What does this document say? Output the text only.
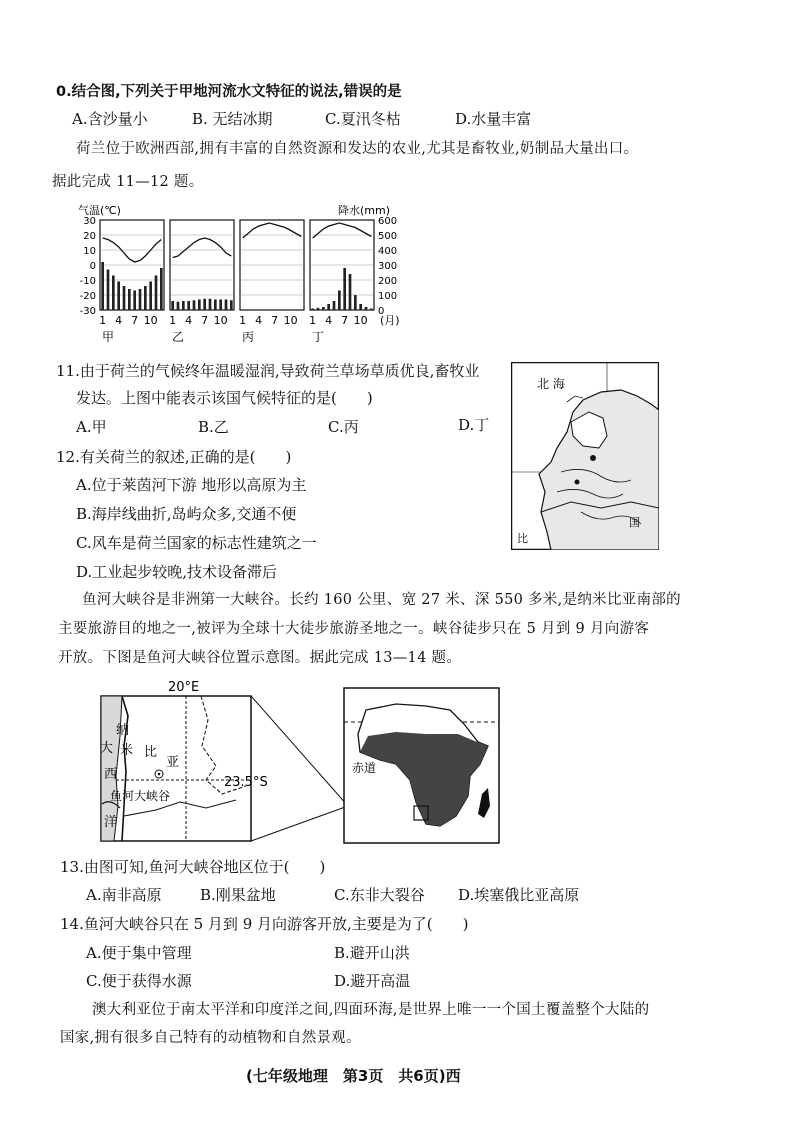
0.结合图,下列关于甲地河流水文特征的说法,错误的是
A.含沙量小	B. 无结冰期	C.夏汛冬枯	D.水量丰富
荷兰位于欧洲西部,拥有丰富的自然资源和发达的农业,尤其是畜牧业,奶制品大量出口。
据此完成 11—12 题。
气温(℃)	降水(mm)
30
20
10
0
-10
-20
-30
600
500
400
300
200
100
0
1 4 7 10 1 4 7 10 1 4 7 10 1 4 7 10 (月)
甲	乙	丙	丁
11.由于荷兰的气候终年温暖湿润,导致荷兰草场草质优良,畜牧业
发达。上图中能表示该国气候特征的是(　　)
A.甲	B.乙	C.丙	D.丁
北 海
比
国
12.有关荷兰的叙述,正确的是(　　)
A.位于莱茵河下游 地形以高原为主
B.海岸线曲折,岛屿众多,交通不便
C.风车是荷兰国家的标志性建筑之一
D.工业起步较晚,技术设备滞后
鱼河大峡谷是非洲第一大峡谷。长约 160 公里、宽 27 米、深 550 多米,是纳米比亚南部的
主要旅游目的地之一,被评为全球十大徒步旅游圣地之一。峡谷徒步只在 5 月到 9 月向游客
开放。下图是鱼河大峡谷位置示意图。据此完成 13—14 题。
20°E
纳
米 比
亚
大
西
洋
鱼河大峡谷
23.5°S
赤道
13.由图可知,鱼河大峡谷地区位于(　　)
A.南非高原	B.刚果盆地	C.东非大裂谷 D.埃塞俄比亚高原
14.鱼河大峡谷只在 5 月到 9 月向游客开放,主要是为了(　　)
A.便于集中管理	B.避开山洪
C.便于获得水源	D.避开高温
澳大利亚位于南太平洋和印度洋之间,四面环海,是世界上唯一一个国土覆盖整个大陆的
国家,拥有很多自己特有的动植物和自然景观。
(七年级地理　第3页　共6页)西
